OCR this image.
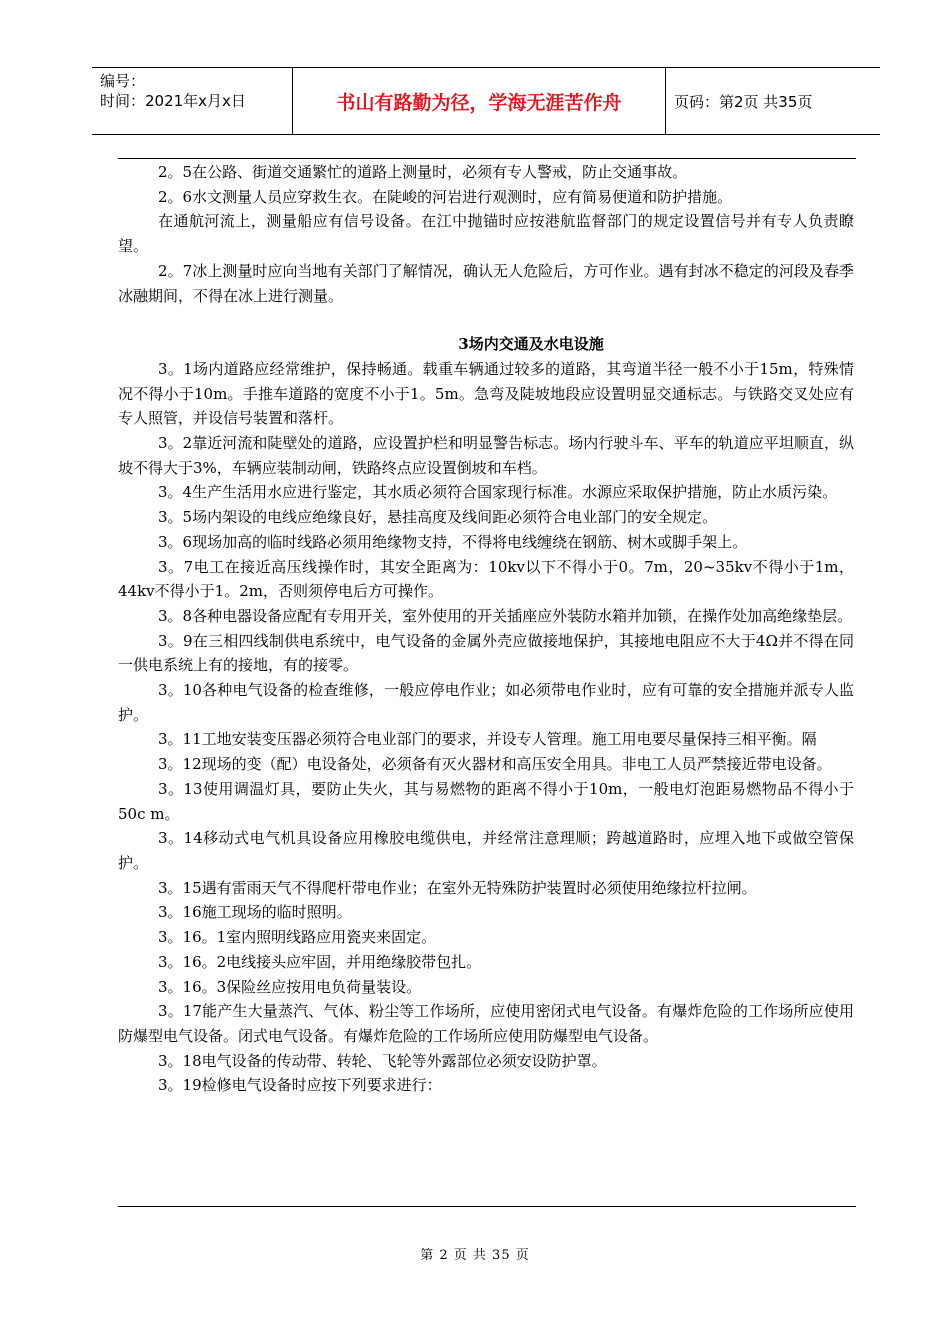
编号：
时间：2021年x月x日	书山有路勤为径，学海无涯苦作舟	页码：第2页 共35页

2。5在公路、街道交通繁忙的道路上测量时，必须有专人警戒，防止交通事故。

2。6水文测量人员应穿救生衣。在陡峻的河岩进行观测时，应有简易便道和防护措施。

在通航河流上，测量船应有信号设备。在江中抛锚时应按港航监督部门的规定设置信号并有专人负责瞭望。

2。7冰上测量时应向当地有关部门了解情况，确认无人危险后，方可作业。遇有封冰不稳定的河段及春季冰融期间，不得在冰上进行测量。

3场内交通及水电设施

3。1场内道路应经常维护，保持畅通。载重车辆通过较多的道路，其弯道半径一般不小于15m，特殊情况不得小于10m。手推车道路的宽度不小于1。5m。急弯及陡坡地段应设置明显交通标志。与铁路交叉处应有专人照管，并设信号装置和落杆。

3。2靠近河流和陡壁处的道路，应设置护栏和明显警告标志。场内行驶斗车、平车的轨道应平坦顺直，纵坡不得大于3%，车辆应装制动闸，铁路终点应设置倒坡和车档。

3。4生产生活用水应进行鉴定，其水质必须符合国家现行标准。水源应采取保护措施，防止水质污染。

3。5场内架设的电线应绝缘良好，悬挂高度及线间距必须符合电业部门的安全规定。

3。6现场加高的临时线路必须用绝缘物支持，不得将电线缠绕在钢筋、树木或脚手架上。

3。7电工在接近高压线操作时，其安全距离为：10kv以下不得小于0。7m，20~35kv不得小于1m，44kv不得小于1。2m，否则须停电后方可操作。

3。8各种电器设备应配有专用开关，室外使用的开关插座应外装防水箱并加锁，在操作处加高绝缘垫层。

3。9在三相四线制供电系统中，电气设备的金属外壳应做接地保护，其接地电阻应不大于4Ω并不得在同一供电系统上有的接地，有的接零。

3。10各种电气设备的检查维修，一般应停电作业；如必须带电作业时，应有可靠的安全措施并派专人监护。

3。11工地安装变压器必须符合电业部门的要求，并设专人管理。施工用电要尽量保持三相平衡。隔

3。12现场的变（配）电设备处，必须备有灭火器材和高压安全用具。非电工人员严禁接近带电设备。

3。13使用调温灯具，要防止失火，其与易燃物的距离不得小于10m，一般电灯泡距易燃物品不得小于50c m。

3。14移动式电气机具设备应用橡胶电缆供电，并经常注意理顺；跨越道路时，应埋入地下或做空管保护。

3。15遇有雷雨天气不得爬杆带电作业；在室外无特殊防护装置时必须使用绝缘拉杆拉闸。

3。16施工现场的临时照明。

3。16。1室内照明线路应用瓷夹来固定。

3。16。2电线接头应牢固，并用绝缘胶带包扎。

3。16。3保险丝应按用电负荷量装设。

3。17能产生大量蒸汽、气体、粉尘等工作场所，应使用密闭式电气设备。有爆炸危险的工作场所应使用防爆型电气设备。闭式电气设备。有爆炸危险的工作场所应使用防爆型电气设备。

3。18电气设备的传动带、转轮、飞轮等外露部位必须安设防护罩。

3。19检修电气设备时应按下列要求进行：

第 2 页 共 35 页
